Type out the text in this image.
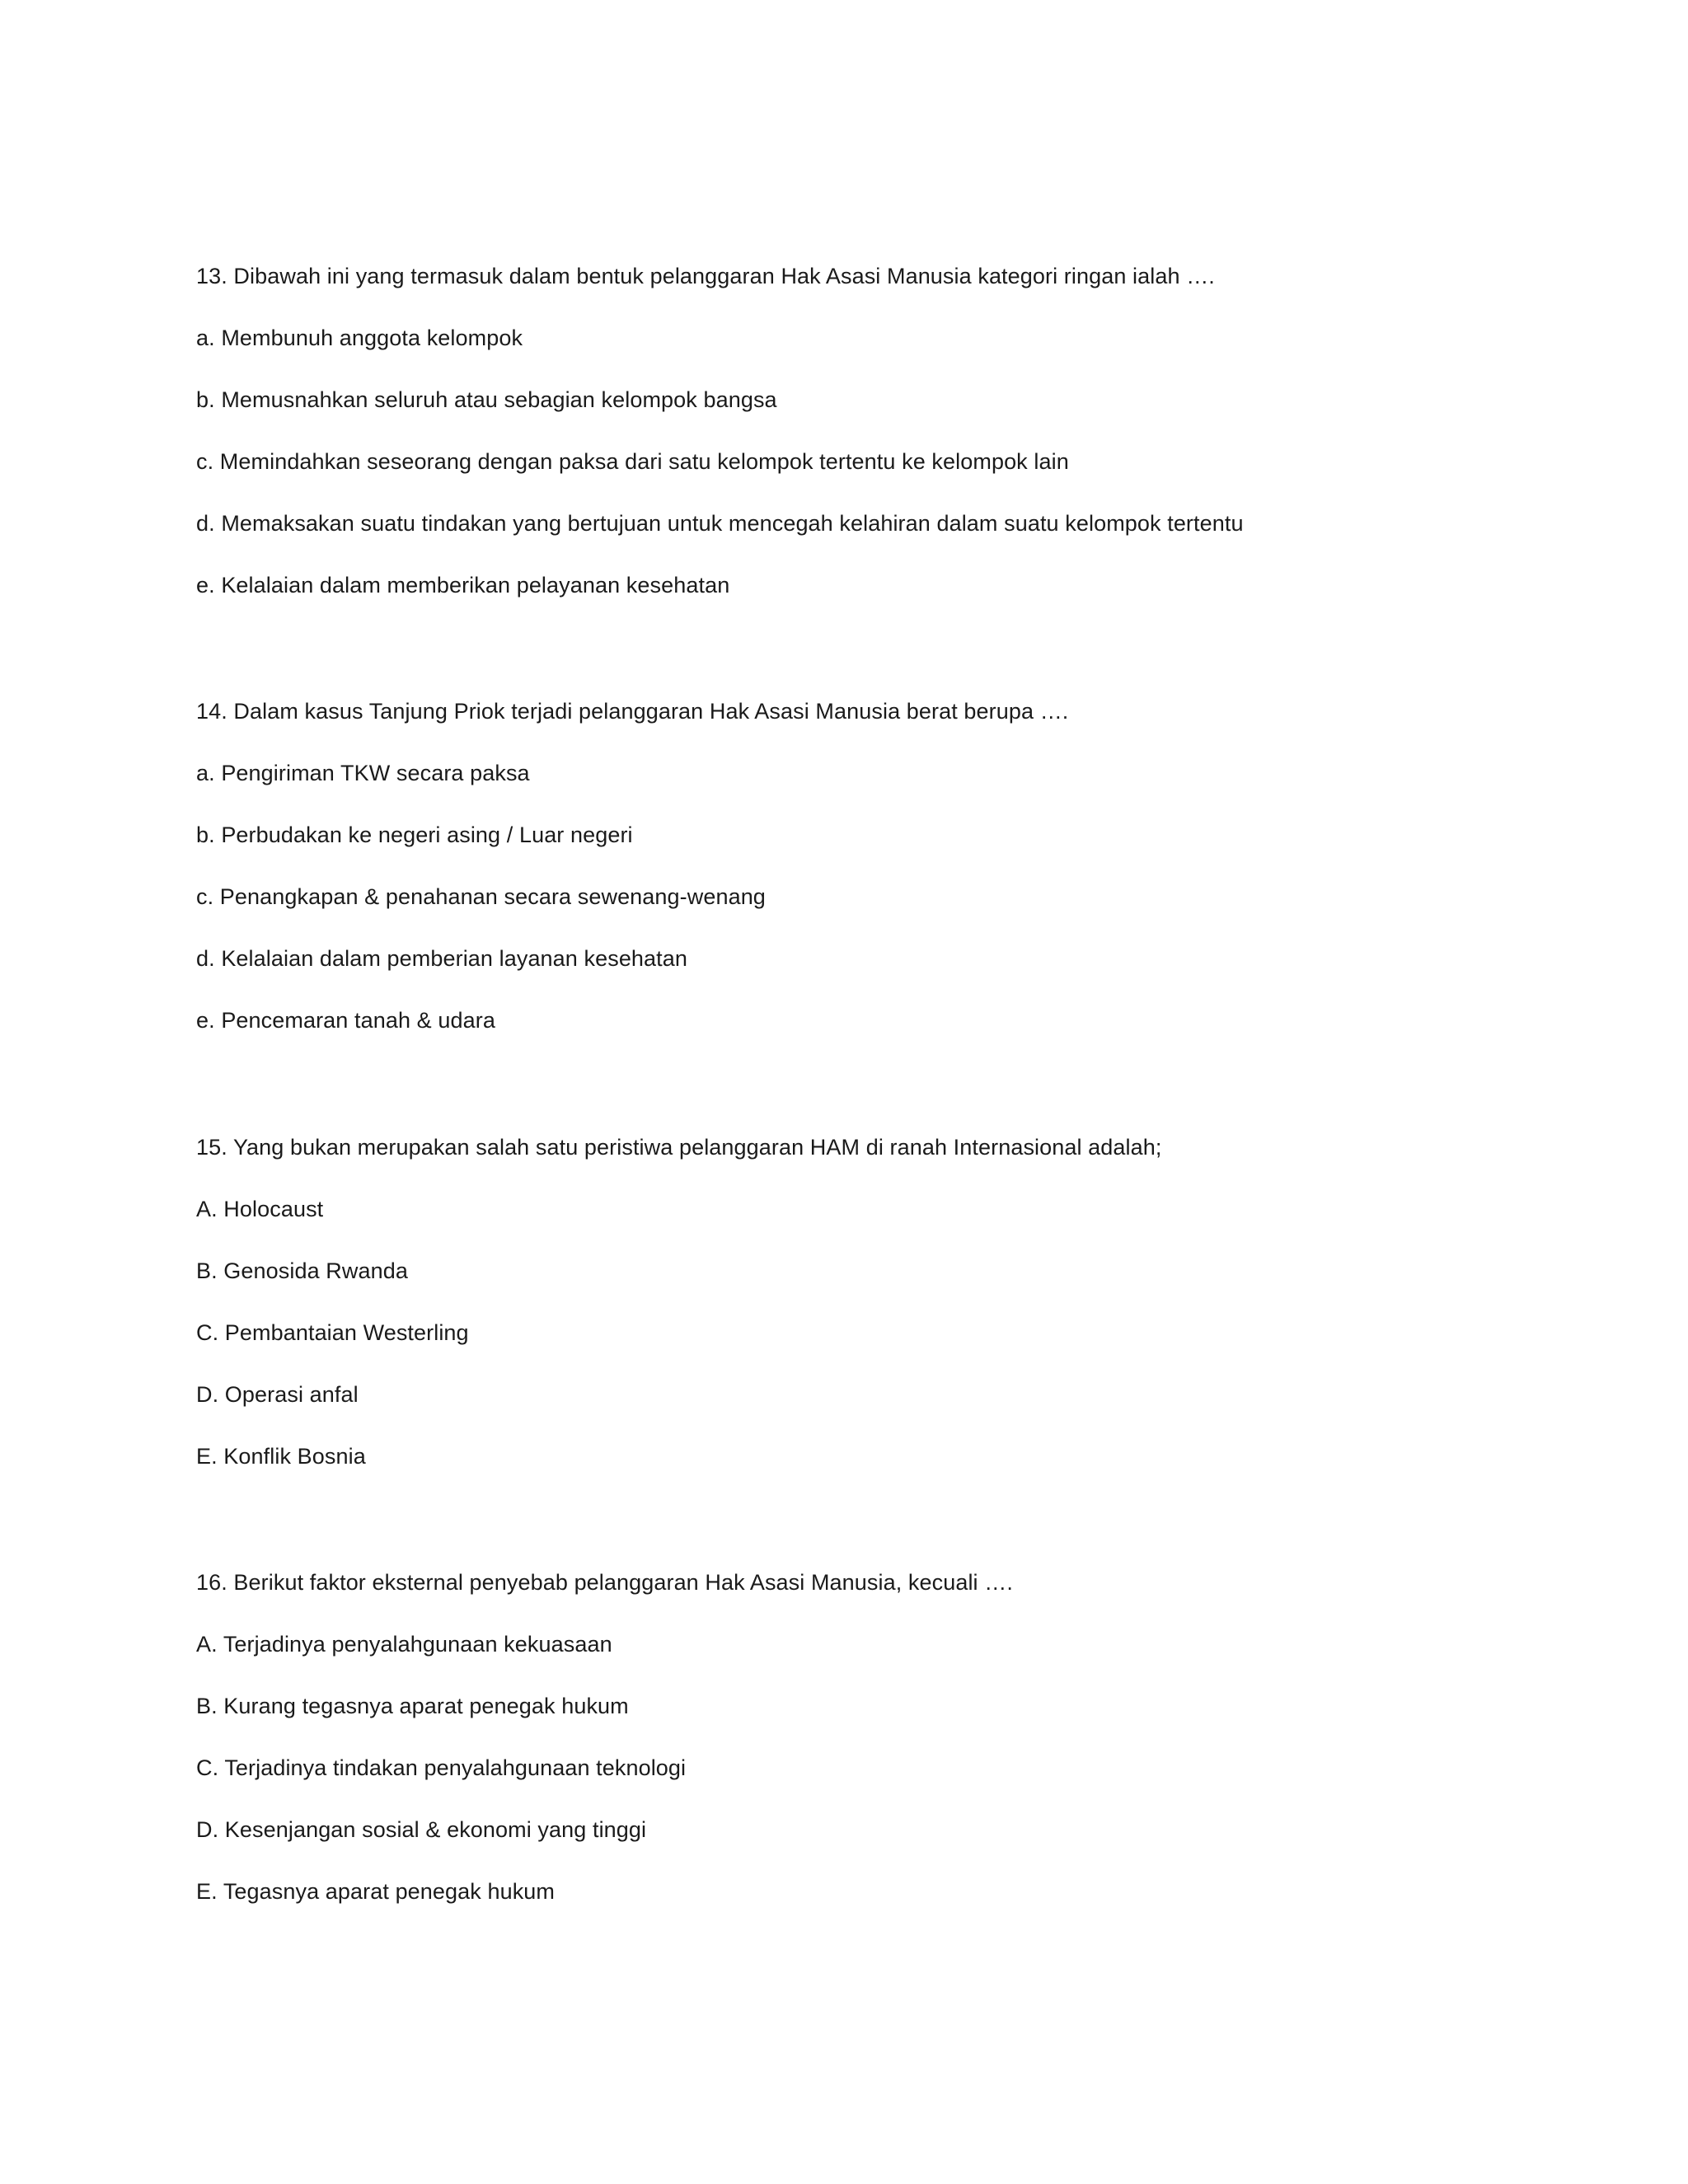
13. Dibawah ini yang termasuk dalam bentuk pelanggaran Hak Asasi Manusia kategori ringan ialah ….
a. Membunuh anggota kelompok
b. Memusnahkan seluruh atau sebagian kelompok bangsa
c. Memindahkan seseorang dengan paksa dari satu kelompok tertentu ke kelompok lain
d. Memaksakan suatu tindakan yang bertujuan untuk mencegah kelahiran dalam suatu kelompok tertentu
e. Kelalaian dalam memberikan pelayanan kesehatan
14. Dalam kasus Tanjung Priok terjadi pelanggaran Hak Asasi Manusia berat berupa ….
a. Pengiriman TKW secara paksa
b. Perbudakan ke negeri asing / Luar negeri
c. Penangkapan & penahanan secara sewenang-wenang
d. Kelalaian dalam pemberian layanan kesehatan
e. Pencemaran tanah & udara
15. Yang bukan merupakan salah satu peristiwa pelanggaran HAM di ranah Internasional adalah;
A. Holocaust
B. Genosida Rwanda
C. Pembantaian Westerling
D. Operasi anfal
E. Konflik Bosnia
16. Berikut faktor eksternal penyebab pelanggaran Hak Asasi Manusia, kecuali ….
A. Terjadinya penyalahgunaan kekuasaan
B. Kurang tegasnya aparat penegak hukum
C. Terjadinya tindakan penyalahgunaan teknologi
D. Kesenjangan sosial & ekonomi yang tinggi
E. Tegasnya aparat penegak hukum
